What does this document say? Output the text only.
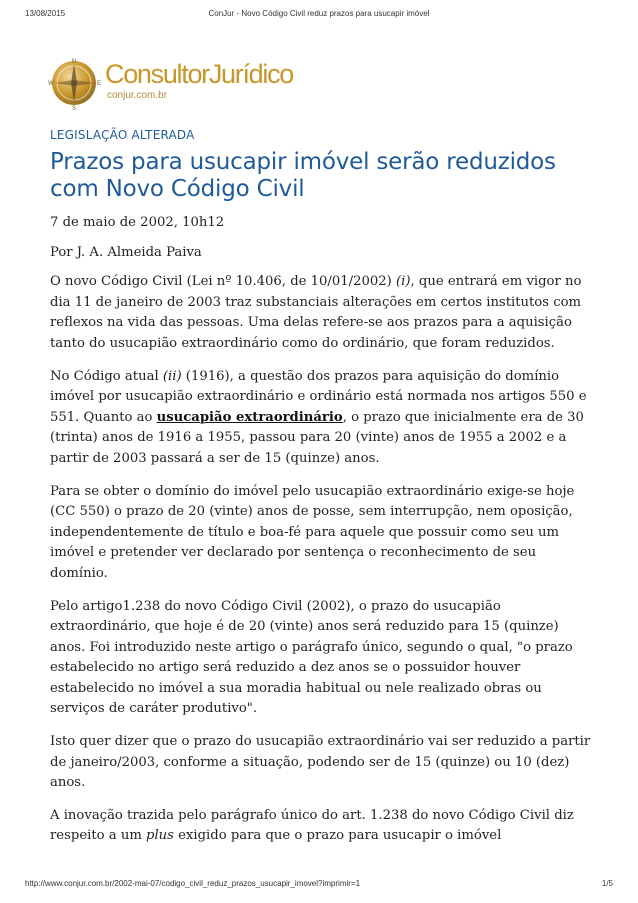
13/08/2015	ConJur - Novo Código Civil reduz prazos para usucapir imóvel
N
S
E
W ConsultorJurídico
conjur.com.br
LEGISLAÇÃO ALTERADA
Prazos para usucapir imóvel serão reduzidos com Novo Código Civil

7 de maio de 2002, 10h12

Por J. A. Almeida Paiva

O novo Código Civil (Lei nº 10.406, de 10/01/2002) (i), que entrará em vigor no dia 11 de janeiro de 2003 traz substanciais alterações em certos institutos com reflexos na vida das pessoas. Uma delas refere-se aos prazos para a aquisição tanto do usucapião extraordinário como do ordinário, que foram reduzidos.

No Código atual (ii) (1916), a questão dos prazos para aquisição do domínio imóvel por usucapião extraordinário e ordinário está normada nos artigos 550 e 551. Quanto ao usucapião extraordinário, o prazo que inicialmente era de 30 (trinta) anos de 1916 a 1955, passou para 20 (vinte) anos de 1955 a 2002 e a partir de 2003 passará a ser de 15 (quinze) anos.

Para se obter o domínio do imóvel pelo usucapião extraordinário exige-se hoje (CC 550) o prazo de 20 (vinte) anos de posse, sem interrupção, nem oposição, independentemente de título e boa-fé para aquele que possuir como seu um imóvel e pretender ver declarado por sentença o reconhecimento de seu domínio.

Pelo artigo1.238 do novo Código Civil (2002), o prazo do usucapião extraordinário, que hoje é de 20 (vinte) anos será reduzido para 15 (quinze) anos. Foi introduzido neste artigo o parágrafo único, segundo o qual, "o prazo estabelecido no artigo será reduzido a dez anos se o possuidor houver estabelecido no imóvel a sua moradia habitual ou nele realizado obras ou serviços de caráter produtivo".

Isto quer dizer que o prazo do usucapião extraordinário vai ser reduzido a partir de janeiro/2003, conforme a situação, podendo ser de 15 (quinze) ou 10 (dez) anos.

A inovação trazida pelo parágrafo único do art. 1.238 do novo Código Civil diz respeito a um plus exigido para que o prazo para usucapir o imóvel

http://www.conjur.com.br/2002-mai-07/codigo_civil_reduz_prazos_usucapir_imovel?imprimir=1	1/5
